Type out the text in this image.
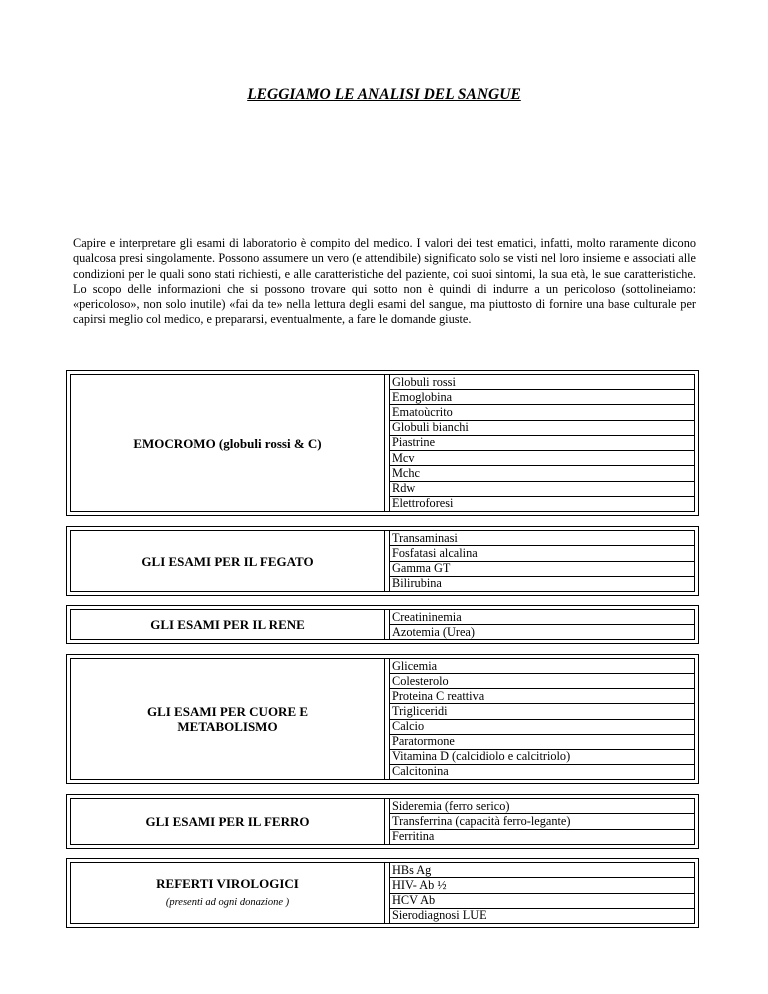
LEGGIAMO LE ANALISI DEL SANGUE
Capire e interpretare gli esami di laboratorio è compito del medico. I valori dei test ematici, infatti, molto raramente dicono qualcosa presi singolamente. Possono assumere un vero (e attendibile) significato solo se visti nel loro insieme e associati alle condizioni per le quali sono stati richiesti, e alle caratteristiche del paziente, coi suoi sintomi, la sua età, le sue caratteristiche. Lo scopo delle informazioni che si possono trovare qui sotto non è quindi di indurre a un pericoloso (sottolineiamo: «pericoloso», non solo inutile) «fai da te» nella lettura degli esami del sangue, ma piuttosto di fornire una base culturale per capirsi meglio col medico, e prepararsi, eventualmente, a fare le domande giuste.
EMOCROMO (globuli rossi & C)
Globuli rossi
Emoglobina
Ematoùcrito
Globuli bianchi
Piastrine
Mcv
Mchc
Rdw
Elettroforesi
GLI ESAMI PER IL FEGATO
Transaminasi
Fosfatasi alcalina
Gamma GT
Bilirubina
GLI ESAMI PER IL RENE
Creatininemia
Azotemia (Urea)
GLI ESAMI PER CUORE E
METABOLISMO
Glicemia
Colesterolo
Proteina C reattiva
Trigliceridi
Calcio
Paratormone
Vitamina D (calcidiolo e calcitriolo)
Calcitonina
GLI ESAMI PER IL FERRO
Sideremia (ferro serico)
Transferrina (capacità ferro-legante)
Ferritina
REFERTI VIROLOGICI
(presenti ad ogni donazione )
HBs Ag
HIV- Ab ½
HCV Ab
Sierodiagnosi LUE
